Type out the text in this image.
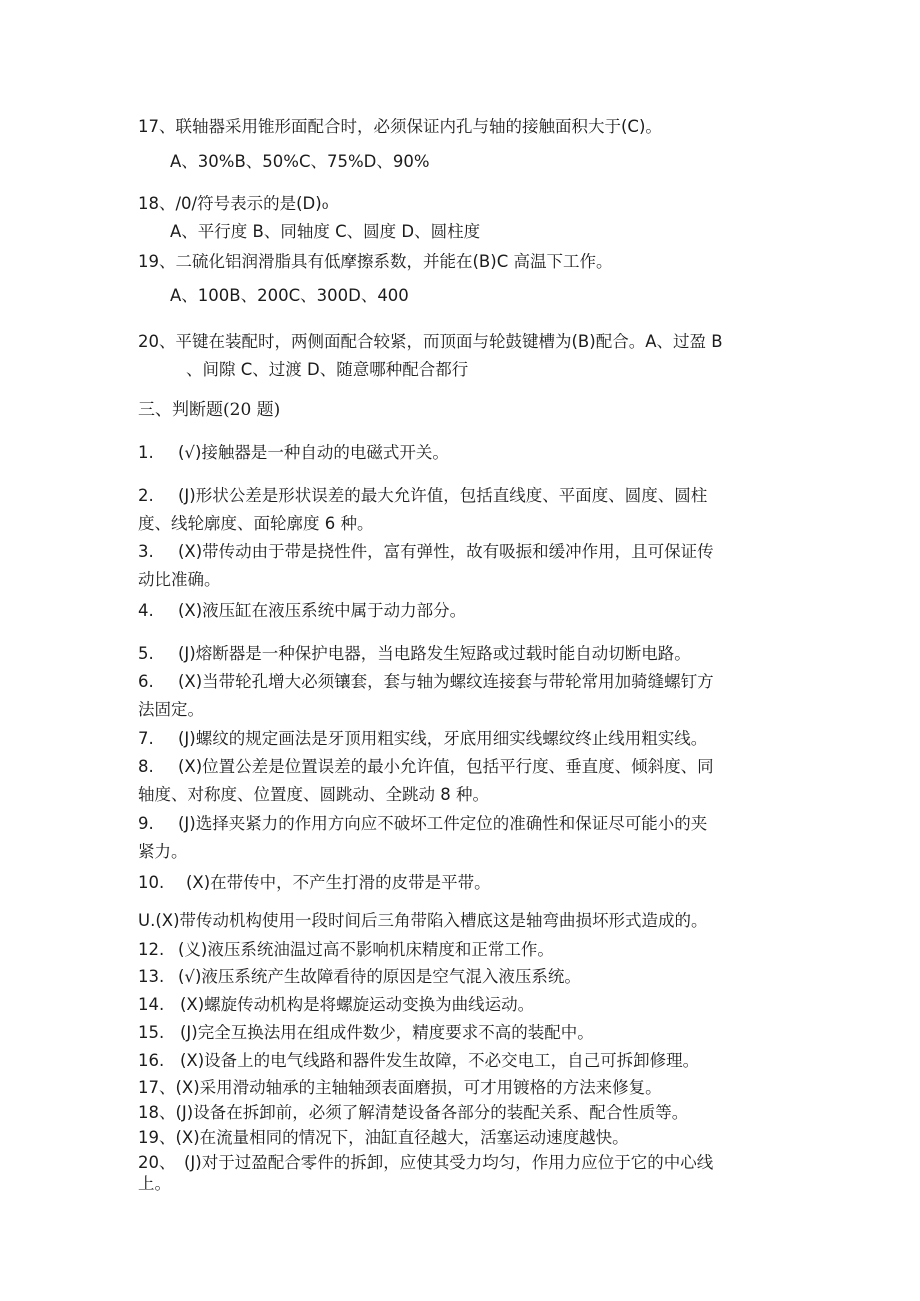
17、联轴器采用锥形面配合时，必须保证内孔与轴的接触面积大于(C)。
A、30%B、50%C、75%D、90%
18、/0/符号表示的是(D)₀
A、平行度 B、同轴度 C、圆度 D、圆柱度
19、二硫化铝润滑脂具有低摩擦系数，并能在(B)C 高温下工作。
A、100B、200C、300D、400
20、平键在装配时，两侧面配合较紧，而顶面与轮鼓键槽为(B)配合。A、过盈 B
、间隙 C、过渡 D、随意哪种配合都行
三、判断题(20 题)
1. (√)接触器是一种自动的电磁式开关。
2. (J)形状公差是形状误差的最大允许值，包括直线度、平面度、圆度、圆柱
度、线轮廓度、面轮廓度 6 种。
3. (X)带传动由于带是挠性件，富有弹性，故有吸振和缓冲作用，且可保证传
动比准确。
4. (X)液压缸在液压系统中属于动力部分。
5. (J)熔断器是一种保护电器，当电路发生短路或过载时能自动切断电路。
6. (X)当带轮孔增大必须镶套，套与轴为螺纹连接套与带轮常用加骑缝螺钉方
法固定。
7. (J)螺纹的规定画法是牙顶用粗实线，牙底用细实线螺纹终止线用粗实线。
8. (X)位置公差是位置误差的最小允许值，包括平行度、垂直度、倾斜度、同
轴度、对称度、位置度、圆跳动、全跳动 8 种。
9. (J)选择夹紧力的作用方向应不破坏工件定位的准确性和保证尽可能小的夹
紧力。
10. (X)在带传中，不产生打滑的皮带是平带。
U.(X)带传动机构使用一段时间后三角带陷入槽底这是轴弯曲损坏形式造成的。
12. (义)液压系统油温过高不影响机床精度和正常工作。
13. (√)液压系统产生故障看待的原因是空气混入液压系统。
14. (X)螺旋传动机构是将螺旋运动变换为曲线运动。
15. (J)完全互换法用在组成件数少，精度要求不高的装配中。
16. (X)设备上的电气线路和器件发生故障，不必交电工，自己可拆卸修理。
17、(X)采用滑动轴承的主轴轴颈表面磨损，可才用镀格的方法来修复。
18、(J)设备在拆卸前，必须了解清楚设备各部分的装配关系、配合性质等。
19、(X)在流量相同的情况下，油缸直径越大，活塞运动速度越快。
20、 (J)对于过盈配合零件的拆卸，应使其受力均匀，作用力应位于它的中心线
上。
